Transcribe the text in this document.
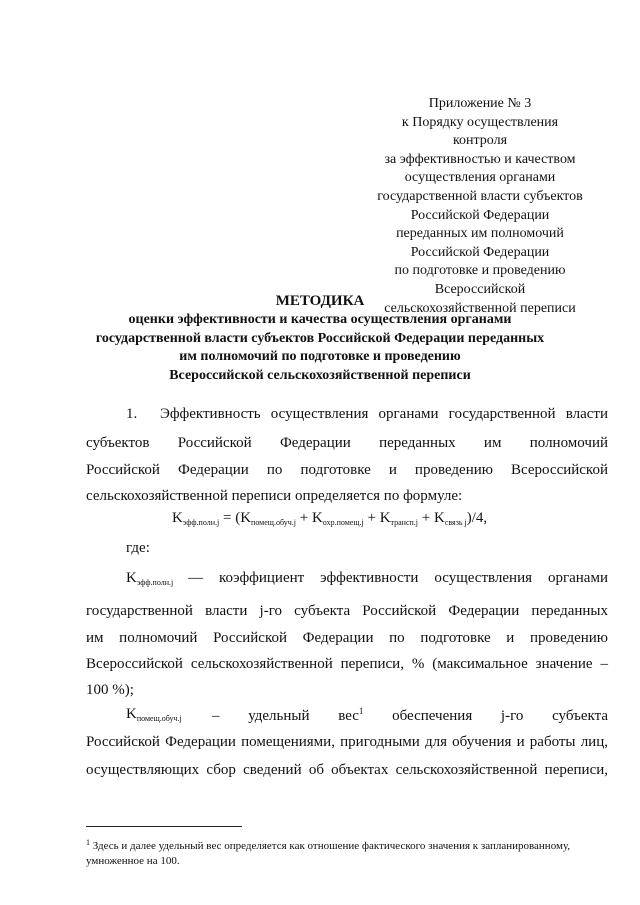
Приложение № 3
к Порядку осуществления
контроля
за эффективностью и качеством
осуществления органами
государственной власти субъектов
Российской Федерации
переданных им полномочий
Российской Федерации
по подготовке и проведению
Всероссийской
сельскохозяйственной переписи
МЕТОДИКА
оценки эффективности и качества осуществления органами
государственной власти субъектов Российской Федерации переданных
им полномочий по подготовке и проведению
Всероссийской сельскохозяйственной переписи
1. Эффективность осуществления органами государственной власти
субъектов Российской Федерации переданных им полномочий
Российской Федерации по подготовке и проведению Всероссийской
сельскохозяйственной переписи определяется по формуле:
$K_{эфф.полн.j} = (K_{помещ.обуч.j} + K_{охр.помещ.j} + K_{трансп.j} + K_{связь j})/4$,
где:
$K_{эфф.полн.j}$ — коэффициент эффективности осуществления органами
государственной власти j-го субъекта Российской Федерации переданных
им полномочий Российской Федерации по подготовке и проведению
Всероссийской сельскохозяйственной переписи, % (максимальное значение –
100 %);
$K_{помещ.обуч.j}$ – удельный вес$^1$ обеспечения j-го субъекта
Российской Федерации помещениями, пригодными для обучения и работы лиц,
осуществляющих сбор сведений об объектах сельскохозяйственной переписи,
$^1$ Здесь и далее удельный вес определяется как отношение фактического значения к запланированному,
умноженное на 100.
